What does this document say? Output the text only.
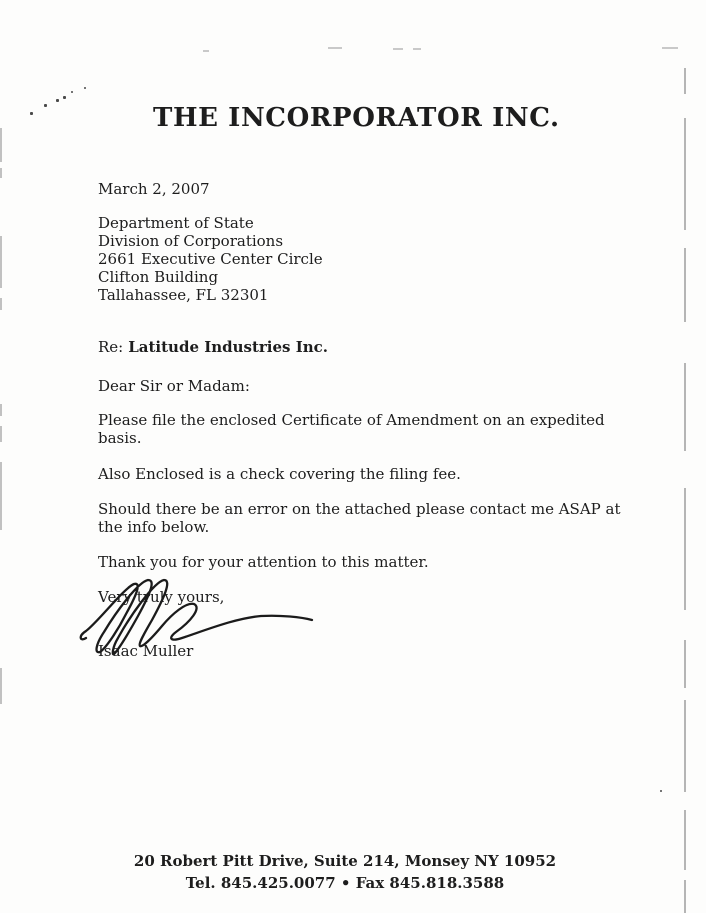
THE INCORPORATOR INC.
March 2, 2007
Department of State
Division of Corporations
2661 Executive Center Circle
Clifton Building
Tallahassee, FL 32301
Re: Latitude Industries Inc.
Dear Sir or Madam:
Please file the enclosed Certificate of Amendment on an expedited
basis.
Also Enclosed is a check covering the filing fee.
Should there be an error on the attached please contact me ASAP at
the info below.
Thank you for your attention to this matter.
Very truly yours,
Isaac Muller
20 Robert Pitt Drive, Suite 214, Monsey NY 10952
Tel. 845.425.0077 • Fax 845.818.3588
